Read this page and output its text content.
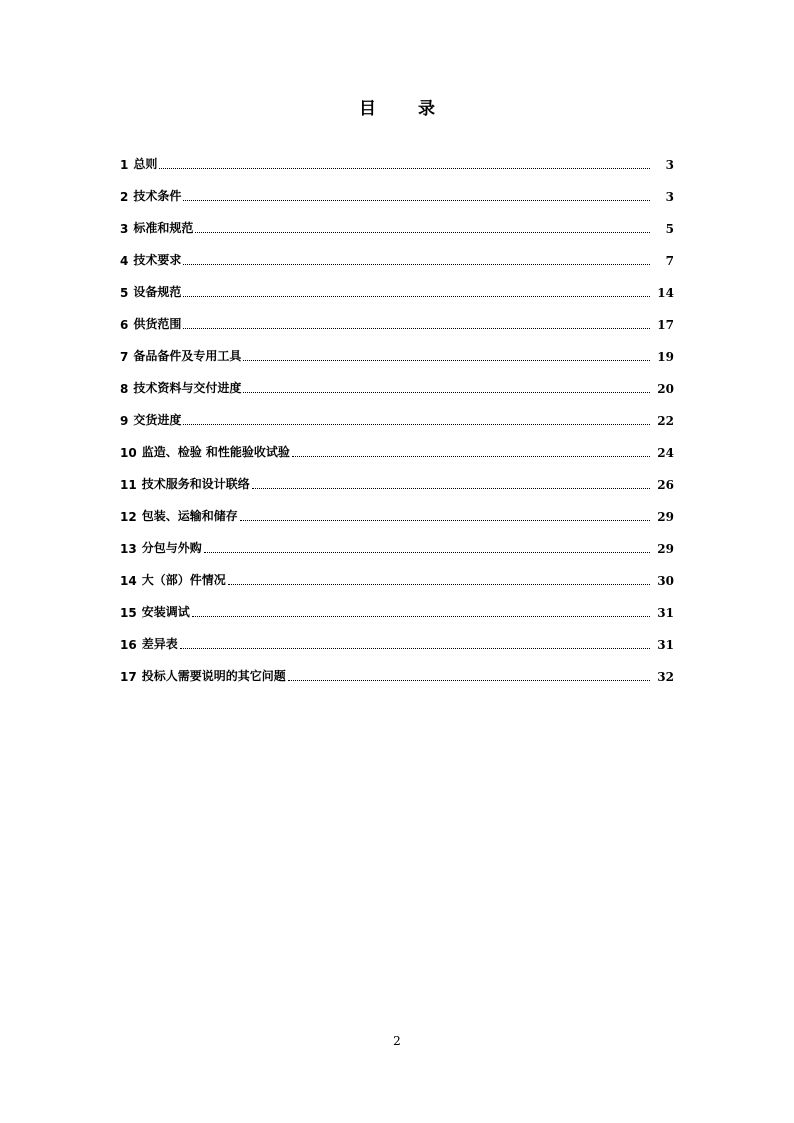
目 录
1 总则	3
2 技术条件	3
3 标准和规范	5
4 技术要求	7
5 设备规范	14
6 供货范围	17
7 备品备件及专用工具	19
8 技术资料与交付进度	20
9 交货进度	22
10 监造、检验 和性能验收试验	24
11 技术服务和设计联络	26
12 包装、运输和储存	29
13 分包与外购	29
14 大（部）件情况	30
15 安装调试	31
16 差异表	31
17 投标人需要说明的其它问题	32
2
